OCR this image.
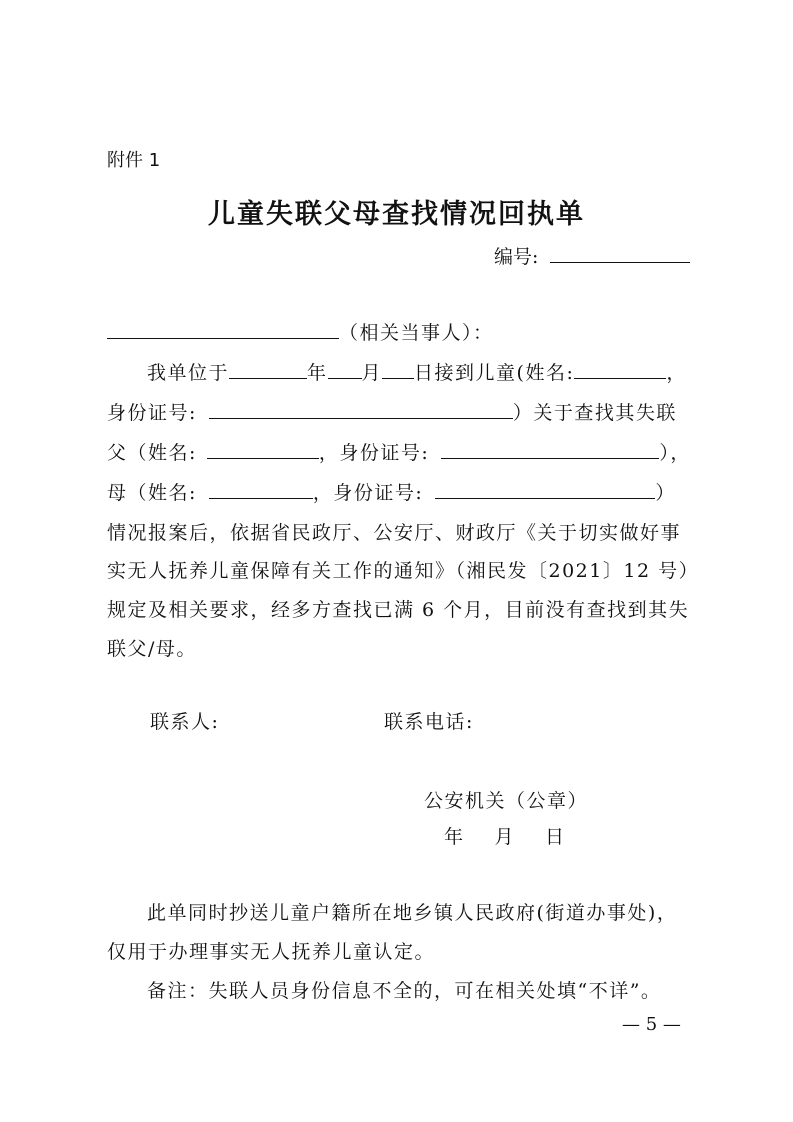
附件 1
儿童失联父母查找情况回执单
编号:
（相关当事人）：
我单位于	年 月 日接到儿童(姓名:	，
身份证号:	）关于查找其失联
父（姓名:	，身份证号:	），
母（姓名:	，身份证号:	）
情况报案后，依据省民政厅、公安厅、财政厅《关于切实做好事
实无人抚养儿童保障有关工作的通知》（湘民发〔2021〕12 号）
规定及相关要求，经多方查找已满 6 个月，目前没有查找到其失
联父/母。
联系人:	联系电话:
公安机关（公章）
年 月 日
此单同时抄送儿童户籍所在地乡镇人民政府(街道办事处)，
仅用于办理事实无人抚养儿童认定。
备注：失联人员身份信息不全的，可在相关处填“不详”。
— 5 —
